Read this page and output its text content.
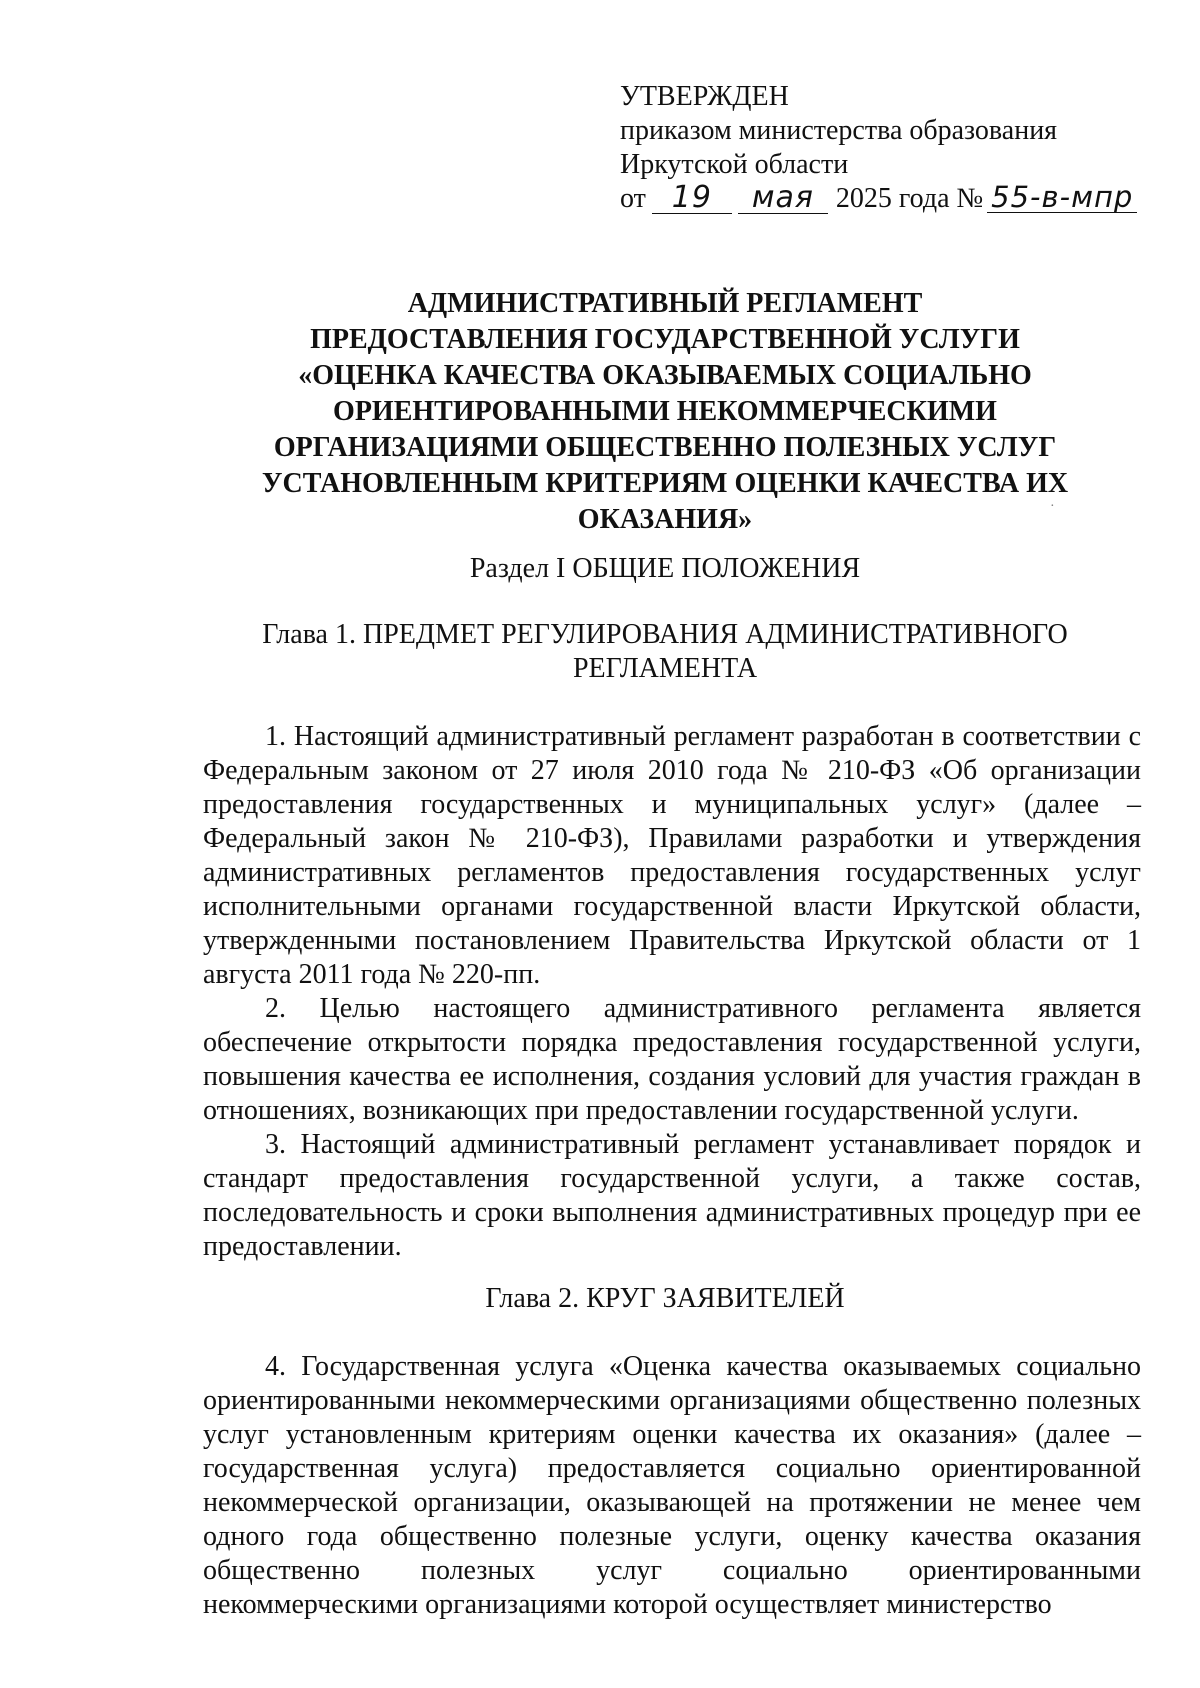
УТВЕРЖДЕН
приказом министерства образования
Иркутской области
от 19 мая 2025 года № 55-в-мпр
АДМИНИСТРАТИВНЫЙ РЕГЛАМЕНТ
ПРЕДОСТАВЛЕНИЯ ГОСУДАРСТВЕННОЙ УСЛУГИ
«ОЦЕНКА КАЧЕСТВА ОКАЗЫВАЕМЫХ СОЦИАЛЬНО
ОРИЕНТИРОВАННЫМИ НЕКОММЕРЧЕСКИМИ
ОРГАНИЗАЦИЯМИ ОБЩЕСТВЕННО ПОЛЕЗНЫХ УСЛУГ
УСТАНОВЛЕННЫМ КРИТЕРИЯМ ОЦЕНКИ КАЧЕСТВА ИХ
ОКАЗАНИЯ»	·
Раздел I ОБЩИЕ ПОЛОЖЕНИЯ
Глава 1. ПРЕДМЕТ РЕГУЛИРОВАНИЯ АДМИНИСТРАТИВНОГО
РЕГЛАМЕНТА

1. Настоящий административный регламент разработан в соответствии с Федеральным законом от 27 июля 2010 года № 210-ФЗ «Об организации предоставления государственных и муниципальных услуг» (далее – Федеральный закон № 210-ФЗ), Правилами разработки и утверждения административных регламентов предоставления государственных услуг исполнительными органами государственной власти Иркутской области, утвержденными постановлением Правительства Иркутской области от 1 августа 2011 года № 220-пп.

2. Целью настоящего административного регламента является обеспечение открытости порядка предоставления государственной услуги, повышения качества ее исполнения, создания условий для участия граждан в отношениях, возникающих при предоставлении государственной услуги.

3. Настоящий административный регламент устанавливает порядок и стандарт предоставления государственной услуги, а также состав, последовательность и сроки выполнения административных процедур при ее предоставлении.

Глава 2. КРУГ ЗАЯВИТЕЛЕЙ

4. Государственная услуга «Оценка качества оказываемых социально ориентированными некоммерческими организациями общественно полезных услуг установленным критериям оценки качества их оказания» (далее – государственная услуга) предоставляется социально ориентированной некоммерческой организации, оказывающей на протяжении не менее чем одного года общественно полезные услуги, оценку качества оказания общественно полезных услуг социально ориентированными некоммерческими организациями которой осуществляет министерство
